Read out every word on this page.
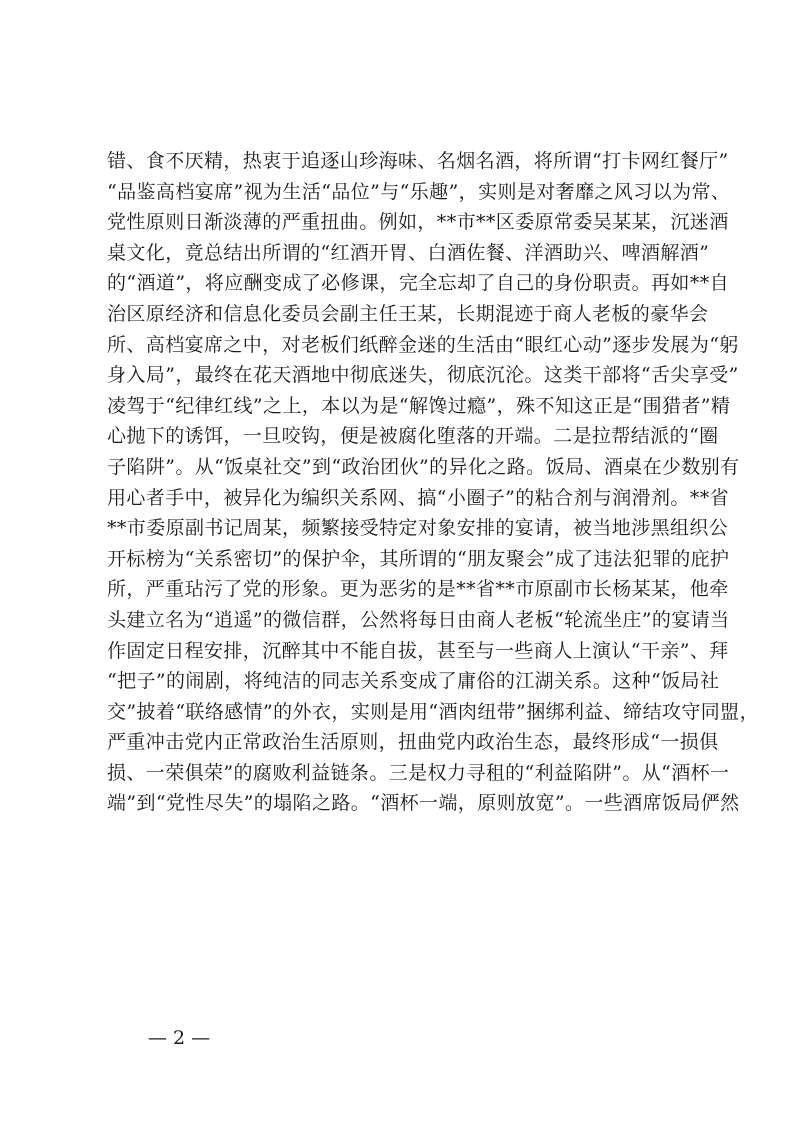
错、食不厌精，热衷于追逐山珍海味、名烟名酒，将所谓“打卡网红餐厅”
“品鉴高档宴席”视为生活“品位”与“乐趣”，实则是对奢靡之风习以为常、
党性原则日渐淡薄的严重扭曲。例如，**市**区委原常委吴某某，沉迷酒
桌文化，竟总结出所谓的“红酒开胃、白酒佐餐、洋酒助兴、啤酒解酒”
的“酒道”，将应酬变成了必修课，完全忘却了自己的身份职责。再如**自
治区原经济和信息化委员会副主任王某，长期混迹于商人老板的豪华会
所、高档宴席之中，对老板们纸醉金迷的生活由“眼红心动”逐步发展为“躬
身入局”，最终在花天酒地中彻底迷失，彻底沉沦。这类干部将“舌尖享受”
凌驾于“纪律红线”之上，本以为是“解馋过瘾”，殊不知这正是“围猎者”精
心抛下的诱饵，一旦咬钩，便是被腐化堕落的开端。二是拉帮结派的“圈
子陷阱”。从“饭桌社交”到“政治团伙”的异化之路。饭局、酒桌在少数别有
用心者手中，被异化为编织关系网、搞“小圈子”的粘合剂与润滑剂。**省
**市委原副书记周某，频繁接受特定对象安排的宴请，被当地涉黑组织公
开标榜为“关系密切”的保护伞，其所谓的“朋友聚会”成了违法犯罪的庇护
所，严重玷污了党的形象。更为恶劣的是**省**市原副市长杨某某，他牵
头建立名为“逍遥”的微信群，公然将每日由商人老板“轮流坐庄”的宴请当
作固定日程安排，沉醉其中不能自拔，甚至与一些商人上演认“干亲”、拜
“把子”的闹剧，将纯洁的同志关系变成了庸俗的江湖关系。这种“饭局社
交”披着“联络感情”的外衣，实则是用“酒肉纽带”捆绑利益、缔结攻守同盟，
严重冲击党内正常政治生活原则，扭曲党内政治生态，最终形成“一损俱
损、一荣俱荣”的腐败利益链条。三是权力寻租的“利益陷阱”。从“酒杯一
端”到“党性尽失”的塌陷之路。“酒杯一端，原则放宽”。一些酒席饭局俨然
— 2 —
